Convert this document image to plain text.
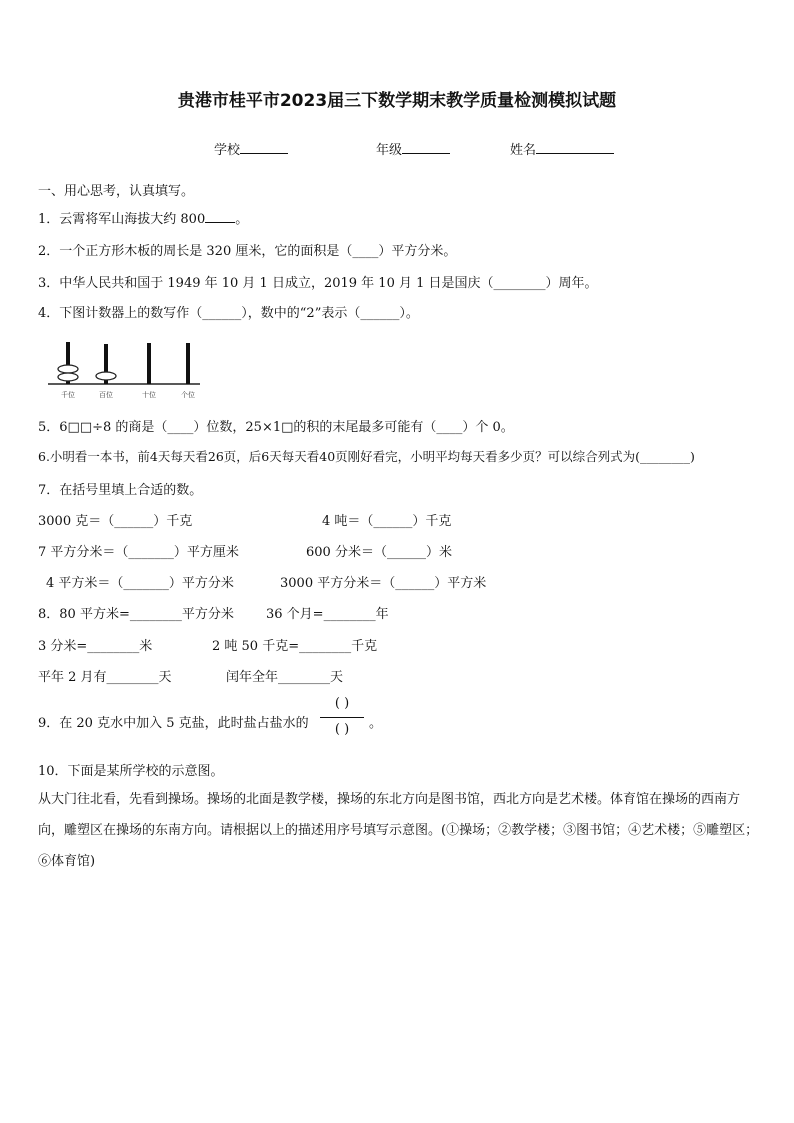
贵港市桂平市2023届三下数学期末教学质量检测模拟试题
学校	年级	姓名
一、用心思考，认真填写。
1．云霄将军山海拔大约 800 。
2．一个正方形木板的周长是 320 厘米，它的面积是（____）平方分米。
3．中华人民共和国于 1949 年 10 月 1 日成立，2019 年 10 月 1 日是国庆（________）周年。
4．下图计数器上的数写作（______），数中的“2”表示（______）。
千位	百位	十位	个位
5．6□□÷8 的商是（____）位数，25×1□的积的末尾最多可能有（____）个 0。
6.小明看一本书，前4天每天看26页，后6天每天看40页刚好看完，小明平均每天看多少页？可以综合列式为(________)
7．在括号里填上合适的数。
3000 克＝（______）千克	4 吨＝（______）千克
7 平方分米＝（_______）平方厘米	600 分米＝（______）米
4 平方米＝（_______）平方分米	3000 平方分米＝（______）平方米
8．80 平方米=________平方分米 36 个月=________年
3 分米=________米	2 吨 50 千克=________千克
平年 2 月有________天	闰年全年________天
9．在 20 克水中加入 5 克盐，此时盐占盐水的
( )
( )	。
10．下面是某所学校的示意图。
从大门往北看，先看到操场。操场的北面是教学楼，操场的东北方向是图书馆，西北方向是艺术楼。体育馆在操场的西南方向，雕塑区在操场的东南方向。请根据以上的描述用序号填写示意图。(①操场；②教学楼；③图书馆；④艺术楼；⑤雕塑区；⑥体育馆)
